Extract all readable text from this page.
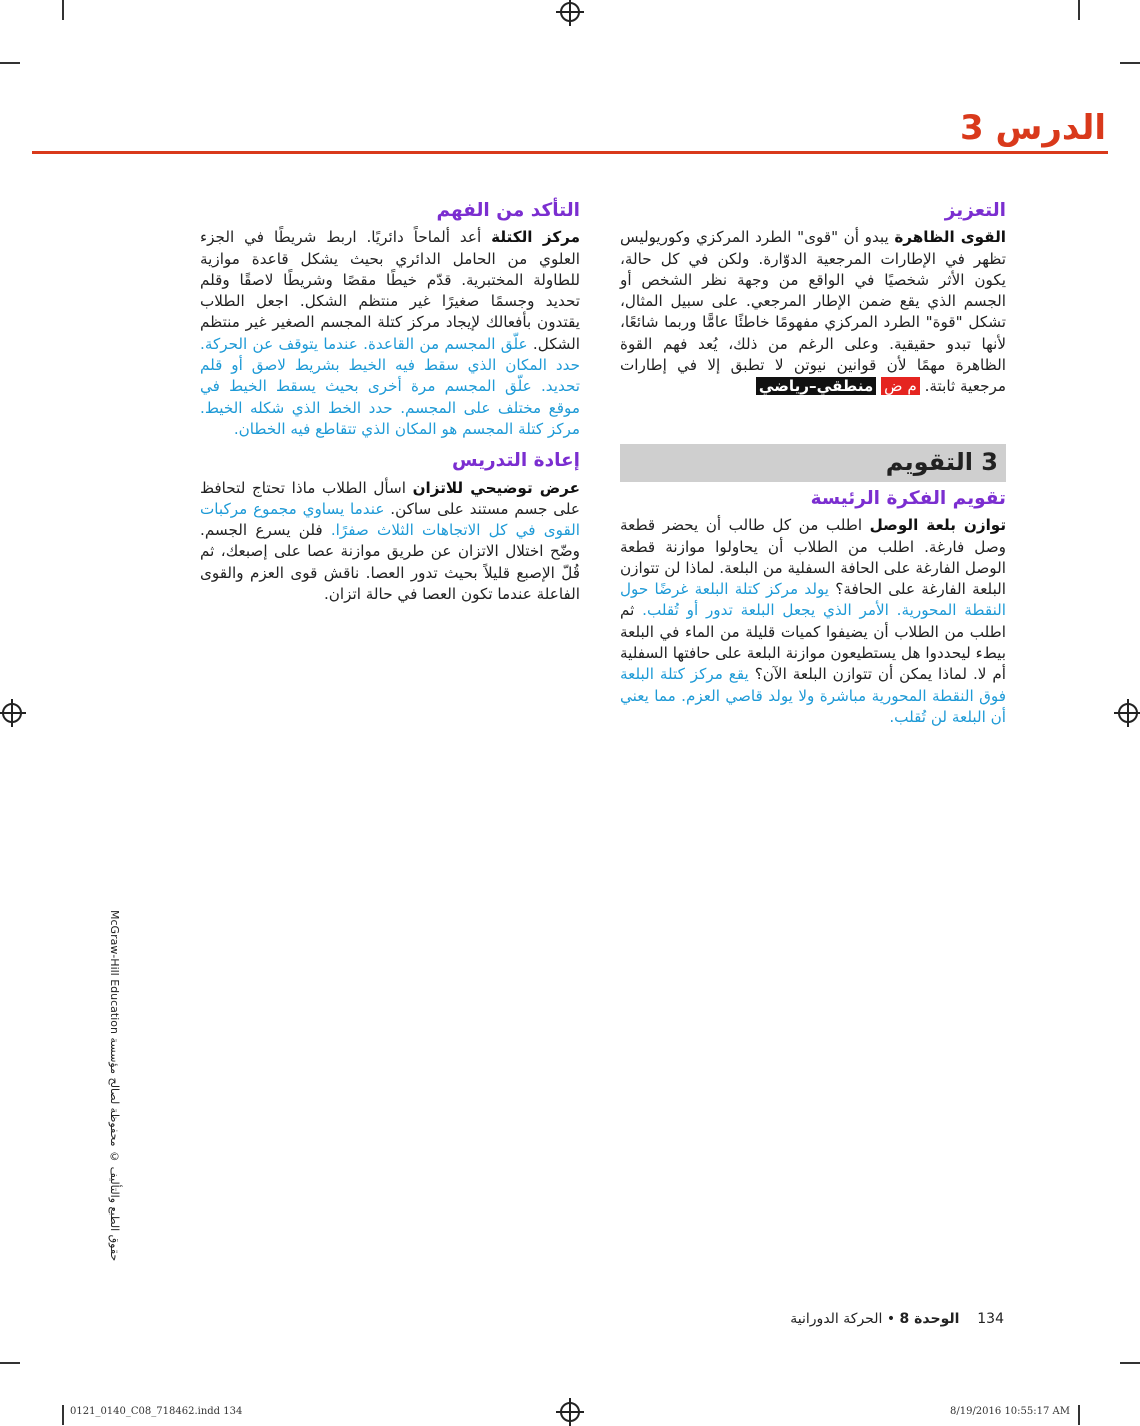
الدرس 3
التعزيز
القوى الظاهرة يبدو أن "قوى" الطرد المركزي وكوريوليس تظهر في الإطارات المرجعية الدوّارة. ولكن في كل حالة، يكون الأثر شخصيًا في الواقع من وجهة نظر الشخص أو الجسم الذي يقع ضمن الإطار المرجعي. على سبيل المثال، تشكل "قوة" الطرد المركزي مفهومًا خاطئًا عامًّا وربما شائعًا، لأنها تبدو حقيقية. وعلى الرغم من ذلك، يُعد فهم القوة الظاهرة مهمًا لأن قوانين نيوتن لا تطبق إلا في إطارات مرجعية ثابتة. م ض منطقي–رياضي
3 التقويم
تقويم الفكرة الرئيسة
توازن بلعة الوصل اطلب من كل طالب أن يحضر قطعة وصل فارغة. اطلب من الطلاب أن يحاولوا موازنة قطعة الوصل الفارغة على الحافة السفلية من البلعة. لماذا لن تتوازن البلعة الفارغة على الحافة؟ يولد مركز كتلة البلعة غرضًا حول النقطة المحورية. الأمر الذي يجعل البلعة تدور أو تُقلب. ثم اطلب من الطلاب أن يضيفوا كميات قليلة من الماء في البلعة بيطء ليحددوا هل يستطيعون موازنة البلعة على حافتها السفلية أم لا. لماذا يمكن أن تتوازن البلعة الآن؟ يقع مركز كتلة البلعة فوق النقطة المحورية مباشرة ولا يولد قاصي العزم. مما يعني أن البلعة لن تُقلب.
التأكد من الفهم
مركز الكتلة أعد ألماحاً دائريًا. اربط شريطًا في الجزء العلوي من الحامل الدائري بحيث يشكل قاعدة موازية للطاولة المختبرية. قدّم خيطًا مقصًا وشريطًا لاصقًا وقلم تحديد وجسمًا صغيرًا غير منتظم الشكل. اجعل الطلاب يقتدون بأفعالك لإيجاد مركز كتلة المجسم الصغير غير منتظم الشكل. علّق المجسم من القاعدة. عندما يتوقف عن الحركة. حدد المكان الذي سقط فيه الخيط بشريط لاصق أو قلم تحديد. علّق المجسم مرة أخرى بحيث يسقط الخيط في موقع مختلف على المجسم. حدد الخط الذي شكله الخيط. مركز كتلة المجسم هو المكان الذي تتقاطع فيه الخطان.
إعادة التدريس
عرض توضيحي للاتزان اسأل الطلاب ماذا تحتاج لتحافظ على جسم مستند على ساكن. عندما يساوي مجموع مركبات القوى في كل الاتجاهات الثلاث صفرًا. فلن يسرع الجسم. وضّح اختلال الاتزان عن طريق موازنة عصا على إصبعك، ثم قُلّ الإصبع قليلاً بحيث تدور العصا. ناقش قوى العزم والقوى الفاعلة عندما تكون العصا في حالة اتزان.
حقوق الطبع والتأليف © محفوظة لصالح مؤسسة McGraw-Hill Education
134    الوحدة 8 • الحركة الدورانية
0121_0140_C08_718462.indd 134	8/19/2016 10:55:17 AM
